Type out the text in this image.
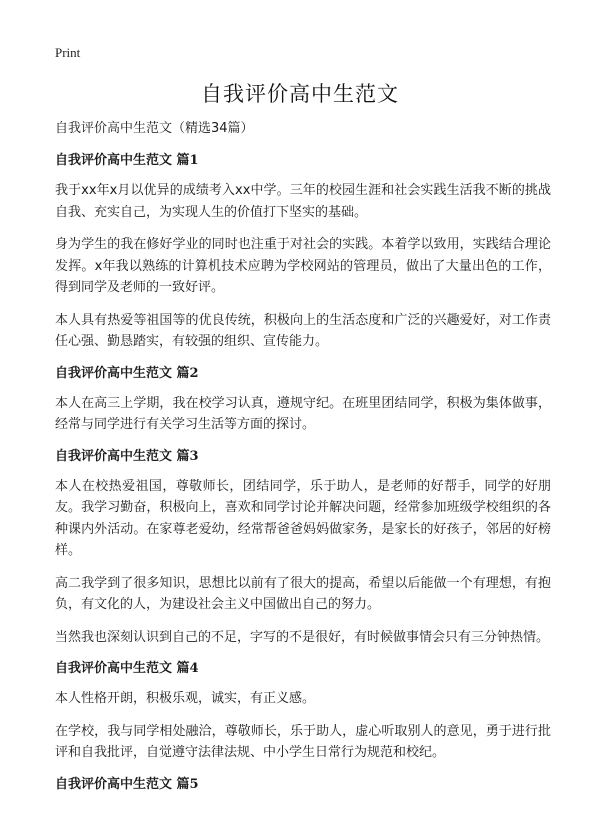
Print
自我评价高中生范文
自我评价高中生范文（精选34篇）
自我评价高中生范文 篇1

我于xx年x月以优异的成绩考入xx中学。三年的校园生涯和社会实践生活我不断的挑战自我、充实自己，为实现人生的价值打下坚实的基础。

身为学生的我在修好学业的同时也注重于对社会的实践。本着学以致用，实践结合理论发挥。x年我以熟练的计算机技术应聘为学校网站的管理员，做出了大量出色的工作，得到同学及老师的一致好评。

本人具有热爱等祖国等的优良传统，积极向上的生活态度和广泛的兴趣爱好，对工作责任心强、勤恳踏实，有较强的组织、宣传能力。

自我评价高中生范文 篇2

本人在高三上学期，我在校学习认真，遵规守纪。在班里团结同学，积极为集体做事，经常与同学进行有关学习生活等方面的探讨。

自我评价高中生范文 篇3

本人在校热爱祖国，尊敬师长，团结同学，乐于助人，是老师的好帮手，同学的好朋友。我学习勤奋，积极向上，喜欢和同学讨论并解决问题，经常参加班级学校组织的各种课内外活动。在家尊老爱幼，经常帮爸爸妈妈做家务，是家长的好孩子，邻居的好榜样。

高二我学到了很多知识，思想比以前有了很大的提高，希望以后能做一个有理想，有抱负，有文化的人，为建设社会主义中国做出自己的努力。

当然我也深刻认识到自己的不足，字写的不是很好，有时候做事情会只有三分钟热情。

自我评价高中生范文 篇4

本人性格开朗，积极乐观，诚实，有正义感。

在学校，我与同学相处融洽，尊敬师长，乐于助人，虚心听取别人的意见，勇于进行批评和自我批评，自觉遵守法律法规、中小学生日常行为规范和校纪。

自我评价高中生范文 篇5
